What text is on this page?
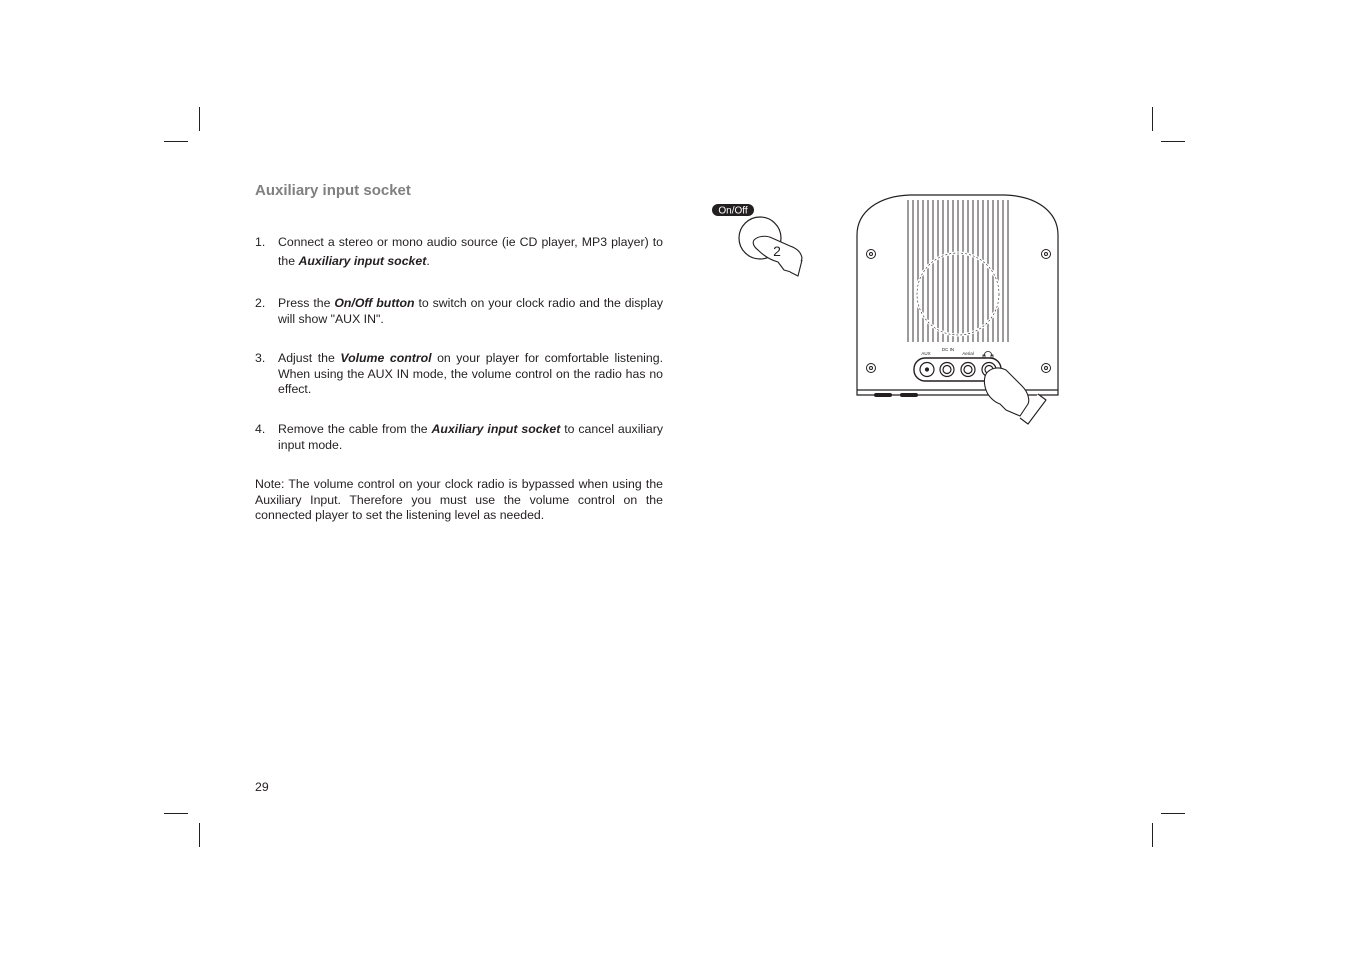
Auxiliary input socket
1. Connect a stereo or mono audio source (ie CD player, MP3 player) to the Auxiliary input socket.
2. Press the On/Off button to switch on your clock radio and the display will show "AUX IN".
3. Adjust the Volume control on your player for comfortable listening. When using the AUX IN mode, the volume control on the radio has no effect.
4. Remove the cable from the Auxiliary input socket to cancel auxiliary input mode.
Note: The volume control on your clock radio is bypassed when using the Auxiliary Input. Therefore you must use the volume control on the connected player to set the listening level as needed.
29
On/Off
2
AUX
DC IN
Aerial
